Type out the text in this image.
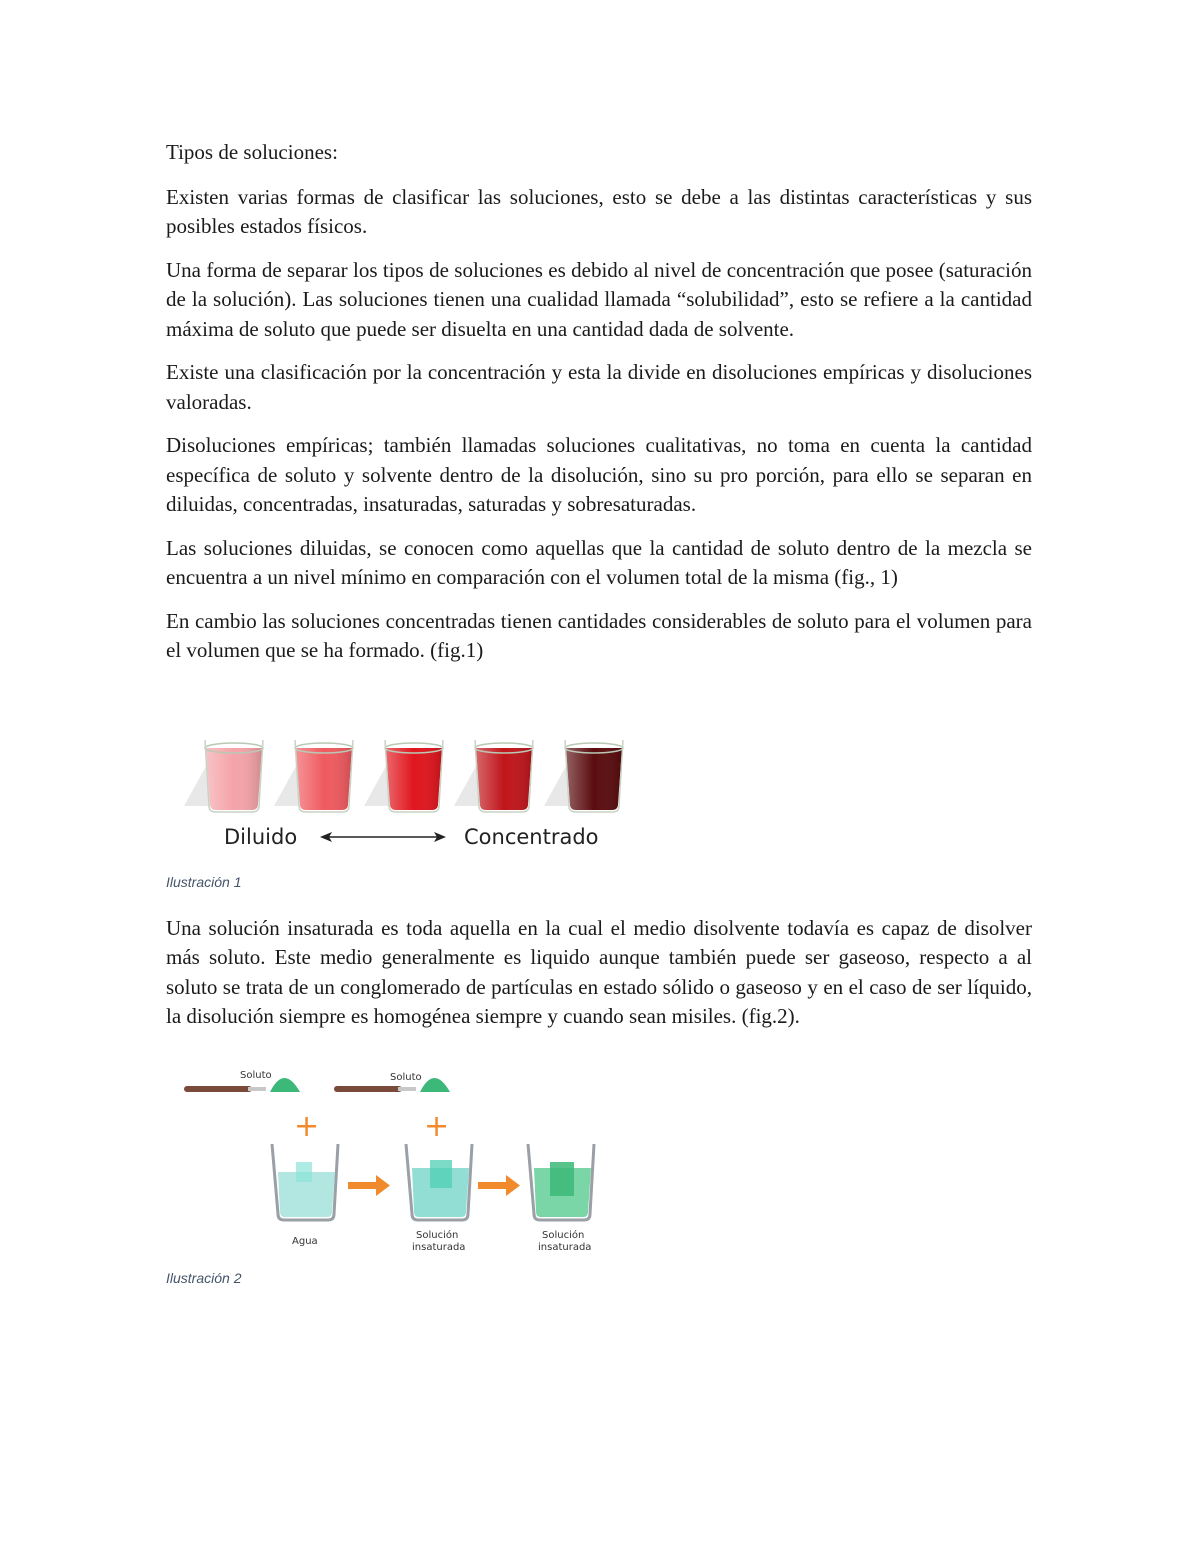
Tipos de soluciones:

Existen varias formas de clasificar las soluciones, esto se debe a las distintas características y sus posibles estados físicos.

Una forma de separar los tipos de soluciones es debido al nivel de concentración que posee (saturación de la solución). Las soluciones tienen una cualidad llamada “solubilidad”, esto se refiere a la cantidad máxima de soluto que puede ser disuelta en una cantidad dada de solvente.

Existe una clasificación por la concentración y esta la divide en disoluciones empíricas y disoluciones valoradas.

Disoluciones empíricas; también llamadas soluciones cualitativas, no toma en cuenta la cantidad específica de soluto y solvente dentro de la disolución, sino su pro porción, para ello se separan en diluidas, concentradas, insaturadas, saturadas y sobresaturadas.

Las soluciones diluidas, se conocen como aquellas que la cantidad de soluto dentro de la mezcla se encuentra a un nivel mínimo en comparación con el volumen total de la misma (fig., 1)

En cambio las soluciones concentradas tienen cantidades considerables de soluto para el volumen para el volumen que se ha formado. (fig.1)

Diluido	Concentrado
Ilustración 1

Una solución insaturada es toda aquella en la cual el medio disolvente todavía es capaz de disolver más soluto. Este medio generalmente es liquido aunque también puede ser gaseoso, respecto a al soluto se trata de un conglomerado de partículas en estado sólido o gaseoso y en el caso de ser líquido, la disolución siempre es homogénea siempre y cuando sean misiles. (fig.2).

Soluto	Soluto
+	+
Agua
Solución
insaturada
Solución
insaturada
Ilustración 2
